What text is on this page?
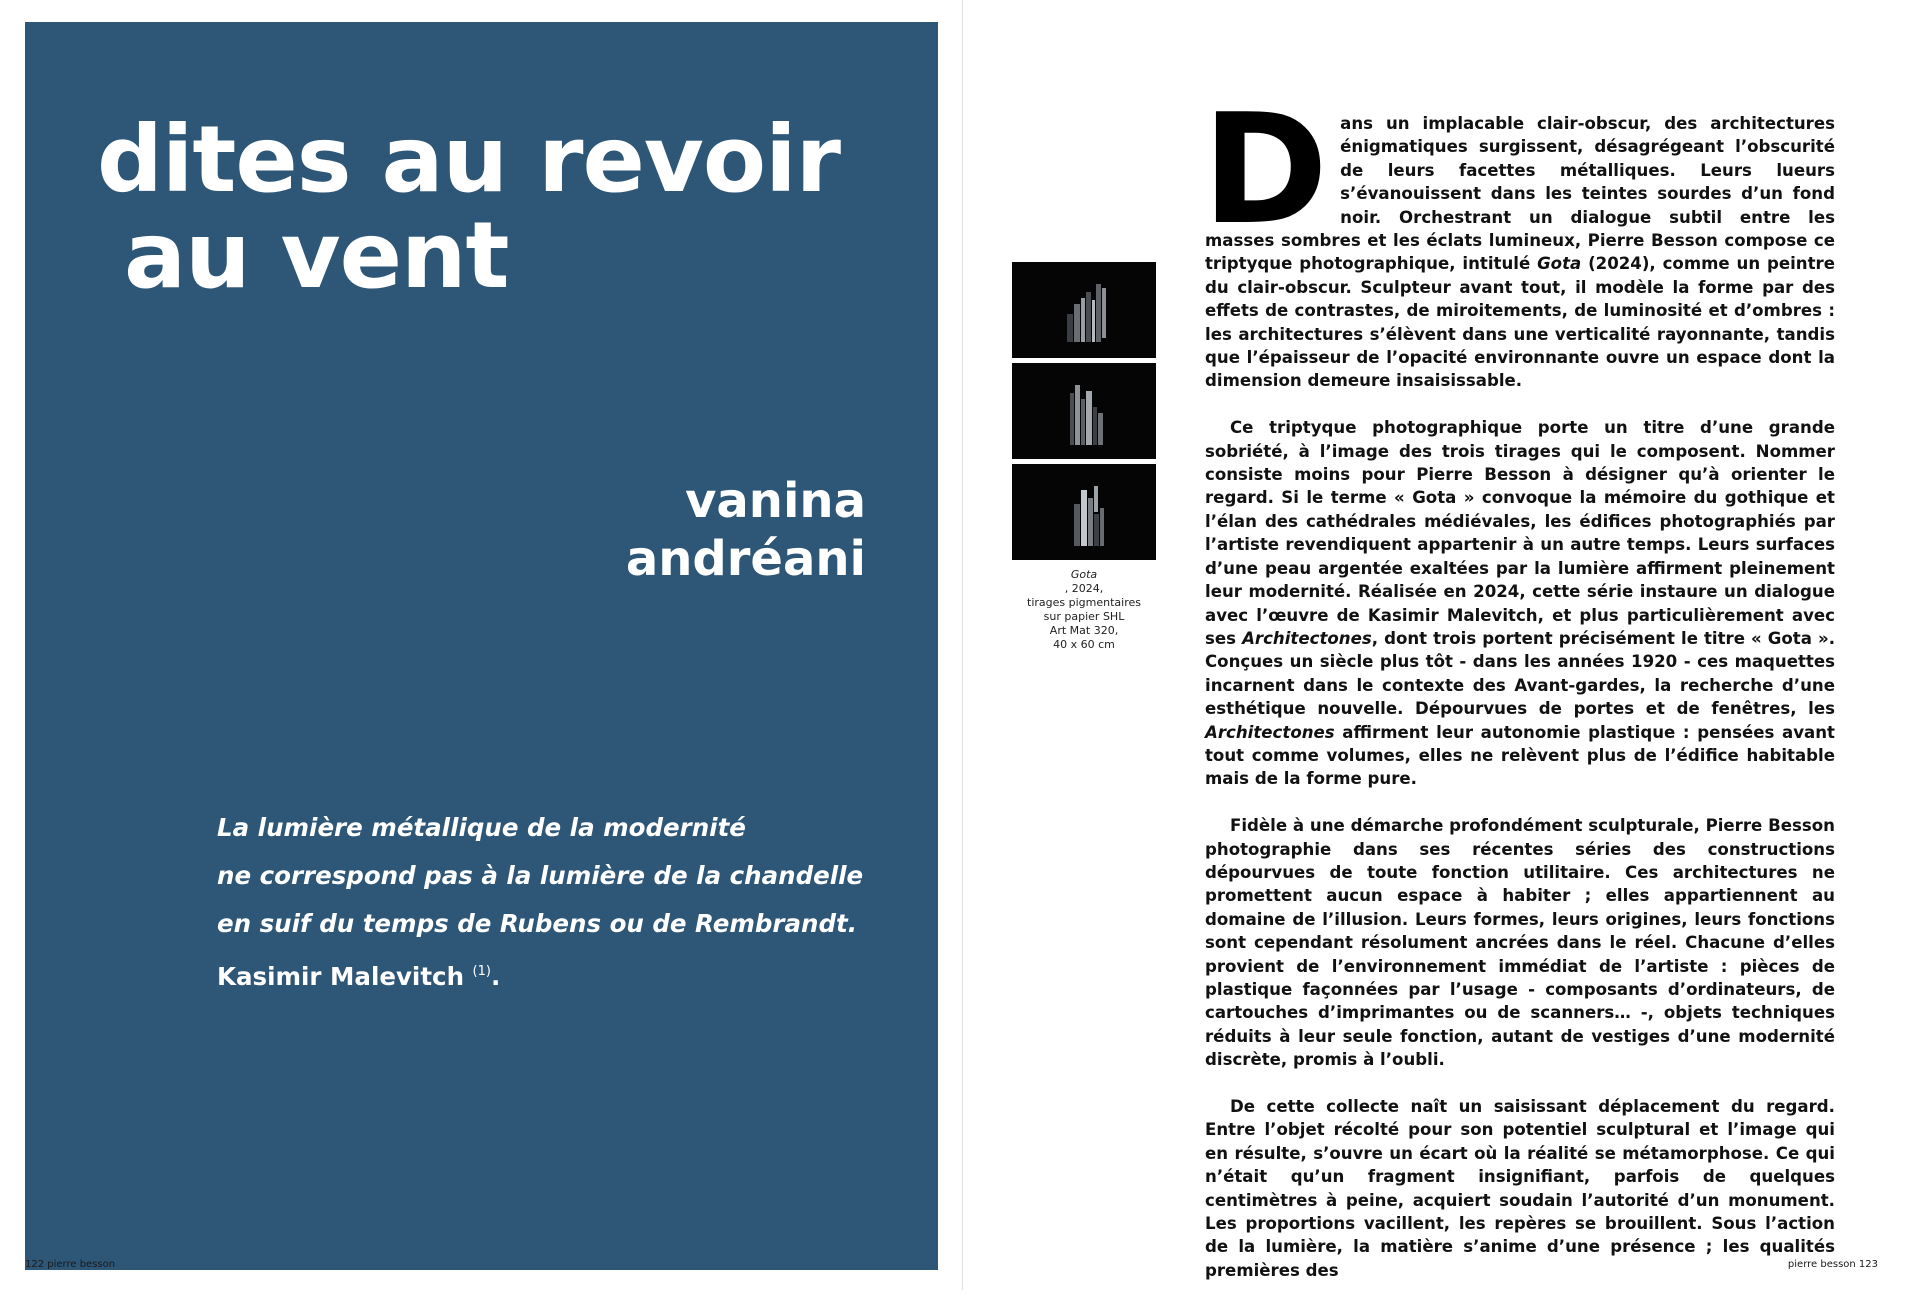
dites au revoir
au vent
vanina
andréani
La lumière métallique de la modernité
ne correspond pas à la lumière de la chandelle
en suif du temps de Rubens ou de Rembrandt.
Kasimir Malevitch $^{(1)}$.
122 pierre besson
Gota
, 2024,
tirages pigmentaires
sur papier SHL
Art Mat 320,
40 x 60 cm

Dans un implacable clair-obscur, des architectures énigmatiques surgissent, désagrégeant l’obscurité de leurs facettes métalliques. Leurs lueurs s’évanouissent dans les teintes sourdes d’un fond noir. Orchestrant un dialogue subtil entre les masses sombres et les éclats lumineux, Pierre Besson compose ce triptyque photographique, intitulé Gota (2024), comme un peintre du clair-obscur. Sculpteur avant tout, il modèle la forme par des effets de contrastes, de miroitements, de luminosité et d’ombres : les architectures s’élèvent dans une verticalité rayonnante, tandis que l’épaisseur de l’opacité environnante ouvre un espace dont la dimension demeure insaisissable.

Ce triptyque photographique porte un titre d’une grande sobriété, à l’image des trois tirages qui le composent. Nommer consiste moins pour Pierre Besson à désigner qu’à orienter le regard. Si le terme « Gota » convoque la mémoire du gothique et l’élan des cathédrales médiévales, les édifices photographiés par l’artiste revendiquent appartenir à un autre temps. Leurs surfaces d’une peau argentée exaltées par la lumière affirment pleinement leur modernité. Réalisée en 2024, cette série instaure un dialogue avec l’œuvre de Kasimir Malevitch, et plus particulièrement avec ses Architectones, dont trois portent précisément le titre « Gota ». Conçues un siècle plus tôt - dans les années 1920 - ces maquettes incarnent dans le contexte des Avant-gardes, la recherche d’une esthétique nouvelle. Dépourvues de portes et de fenêtres, les Architectones affirment leur autonomie plastique : pensées avant tout comme volumes, elles ne relèvent plus de l’édifice habitable mais de la forme pure.

Fidèle à une démarche profondément sculpturale, Pierre Besson photographie dans ses récentes séries des constructions dépourvues de toute fonction utilitaire. Ces architectures ne promettent aucun espace à habiter ; elles appartiennent au domaine de l’illusion. Leurs formes, leurs origines, leurs fonctions sont cependant résolument ancrées dans le réel. Chacune d’elles provient de l’environnement immédiat de l’artiste : pièces de plastique façonnées par l’usage - composants d’ordinateurs, de cartouches d’imprimantes ou de scanners… -, objets techniques réduits à leur seule fonction, autant de vestiges d’une modernité discrète, promis à l’oubli.

De cette collecte naît un saisissant déplacement du regard. Entre l’objet récolté pour son potentiel sculptural et l’image qui en résulte, s’ouvre un écart où la réalité se métamorphose. Ce qui n’était qu’un fragment insignifiant, parfois de quelques centimètres à peine, acquiert soudain l’autorité d’un monument. Les proportions vacillent, les repères se brouillent. Sous l’action de la lumière, la matière s’anime d’une présence ; les qualités premières des	pierre besson 123
